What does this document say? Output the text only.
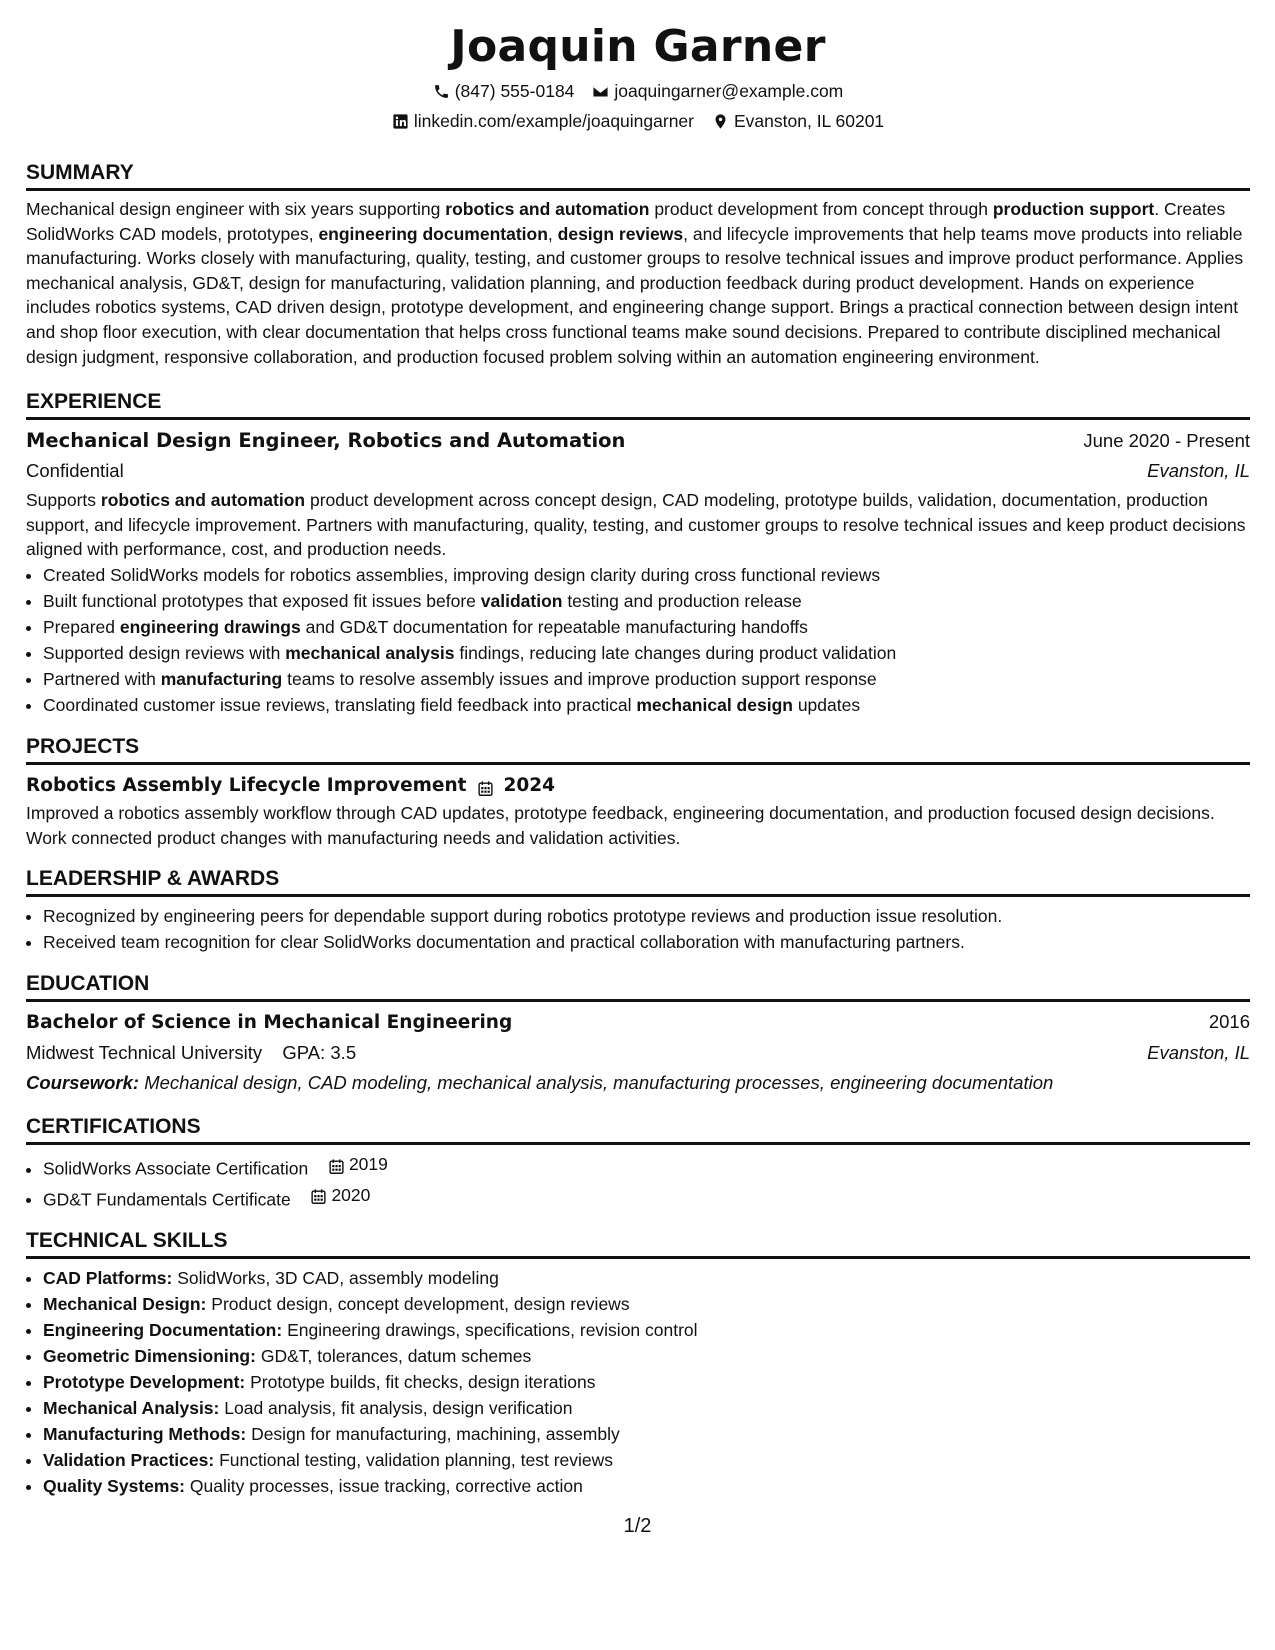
Joaquin Garner
(847) 555-0184 joaquingarner@example.com
linkedin.com/example/joaquingarner Evanston, IL 60201
SUMMARY

Mechanical design engineer with six years supporting robotics and automation product development from concept through production support. Creates SolidWorks CAD models, prototypes, engineering documentation, design reviews, and lifecycle improvements that help teams move products into reliable manufacturing. Works closely with manufacturing, quality, testing, and customer groups to resolve technical issues and improve product performance. Applies mechanical analysis, GD&T, design for manufacturing, validation planning, and production feedback during product development. Hands on experience includes robotics systems, CAD driven design, prototype development, and engineering change support. Brings a practical connection between design intent and shop floor execution, with clear documentation that helps cross functional teams make sound decisions. Prepared to contribute disciplined mechanical design judgment, responsive collaboration, and production focused problem solving within an automation engineering environment.

EXPERIENCE
Mechanical Design Engineer, Robotics and Automation	June 2020 - Present
Confidential	Evanston, IL

Supports robotics and automation product development across concept design, CAD modeling, prototype builds, validation, documentation, production support, and lifecycle improvement. Partners with manufacturing, quality, testing, and customer groups to resolve technical issues and keep product decisions aligned with performance, cost, and production needs.

• Created SolidWorks models for robotics assemblies, improving design clarity during cross functional reviews
• Built functional prototypes that exposed fit issues before validation testing and production release
• Prepared engineering drawings and GD&T documentation for repeatable manufacturing handoffs
• Supported design reviews with mechanical analysis findings, reducing late changes during product validation
• Partnered with manufacturing teams to resolve assembly issues and improve production support response
• Coordinated customer issue reviews, translating field feedback into practical mechanical design updates
PROJECTS
Robotics Assembly Lifecycle Improvement 2024

Improved a robotics assembly workflow through CAD updates, prototype feedback, engineering documentation, and production focused design decisions. Work connected product changes with manufacturing needs and validation activities.

LEADERSHIP & AWARDS
• Recognized by engineering peers for dependable support during robotics prototype reviews and production issue resolution.
• Received team recognition for clear SolidWorks documentation and practical collaboration with manufacturing partners.
EDUCATION
Bachelor of Science in Mechanical Engineering	2016
Midwest Technical University GPA: 3.5	Evanston, IL
Coursework: Mechanical design, CAD modeling, mechanical analysis, manufacturing processes, engineering documentation
CERTIFICATIONS
• SolidWorks Associate Certification 2019
• GD&T Fundamentals Certificate 2020
TECHNICAL SKILLS
• CAD Platforms: SolidWorks, 3D CAD, assembly modeling
• Mechanical Design: Product design, concept development, design reviews
• Engineering Documentation: Engineering drawings, specifications, revision control
• Geometric Dimensioning: GD&T, tolerances, datum schemes
• Prototype Development: Prototype builds, fit checks, design iterations
• Mechanical Analysis: Load analysis, fit analysis, design verification
• Manufacturing Methods: Design for manufacturing, machining, assembly
• Validation Practices: Functional testing, validation planning, test reviews
• Quality Systems: Quality processes, issue tracking, corrective action
1/2
